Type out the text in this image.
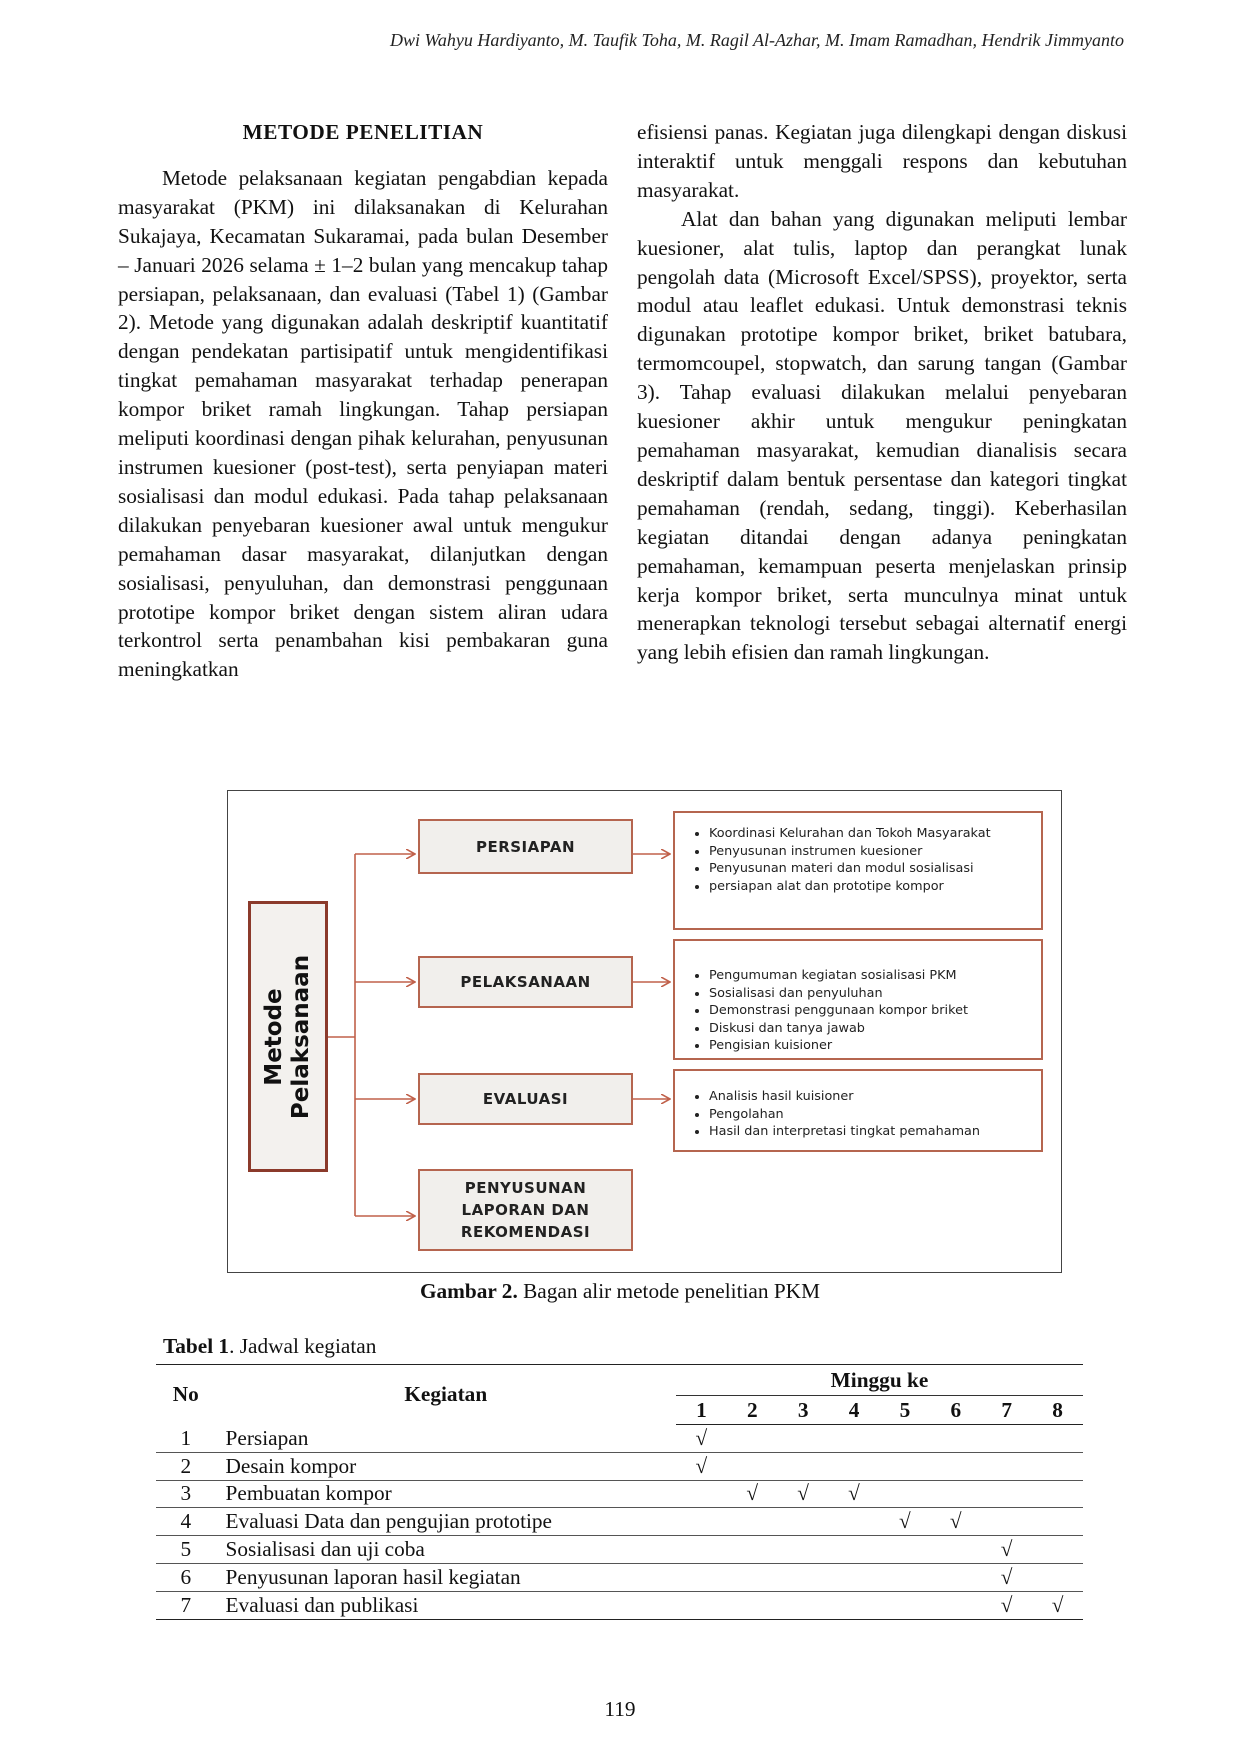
Dwi Wahyu Hardiyanto, M. Taufik Toha, M. Ragil Al-Azhar, M. Imam Ramadhan, Hendrik Jimmyanto
METODE PENELITIAN

Metode pelaksanaan kegiatan pengabdian kepada masyarakat (PKM) ini dilaksanakan di Kelurahan Sukajaya, Kecamatan Sukaramai, pada bulan Desember – Januari 2026 selama ± 1–2 bulan yang mencakup tahap persiapan, pelaksanaan, dan evaluasi (Tabel 1) (Gambar 2). Metode yang digunakan adalah deskriptif kuantitatif dengan pendekatan partisipatif untuk mengidentifikasi tingkat pemahaman masyarakat terhadap penerapan kompor briket ramah lingkungan. Tahap persiapan meliputi koordinasi dengan pihak kelurahan, penyusunan instrumen kuesioner (post-test), serta penyiapan materi sosialisasi dan modul edukasi. Pada tahap pelaksanaan dilakukan penyebaran kuesioner awal untuk mengukur pemahaman dasar masyarakat, dilanjutkan dengan sosialisasi, penyuluhan, dan demonstrasi penggunaan prototipe kompor briket dengan sistem aliran udara terkontrol serta penambahan kisi pembakaran guna meningkatkan

efisiensi panas. Kegiatan juga dilengkapi dengan diskusi interaktif untuk menggali respons dan kebutuhan masyarakat.

Alat dan bahan yang digunakan meliputi lembar kuesioner, alat tulis, laptop dan perangkat lunak pengolah data (Microsoft Excel/SPSS), proyektor, serta modul atau leaflet edukasi. Untuk demonstrasi teknis digunakan prototipe kompor briket, briket batubara, termomcoupel, stopwatch, dan sarung tangan (Gambar 3). Tahap evaluasi dilakukan melalui penyebaran kuesioner akhir untuk mengukur peningkatan pemahaman masyarakat, kemudian dianalisis secara deskriptif dalam bentuk persentase dan kategori tingkat pemahaman (rendah, sedang, tinggi). Keberhasilan kegiatan ditandai dengan adanya peningkatan pemahaman, kemampuan peserta menjelaskan prinsip kerja kompor briket, serta munculnya minat untuk menerapkan teknologi tersebut sebagai alternatif energi yang lebih efisien dan ramah lingkungan.

Metode Pelaksanaan
PERSIAPAN
PELAKSANAAN
EVALUASI
PENYUSUNAN LAPORAN DAN REKOMENDASI
• Koordinasi Kelurahan dan Tokoh Masyarakat
• Penyusunan instrumen kuesioner
• Penyusunan materi dan modul sosialisasi
• persiapan alat dan prototipe kompor
• Pengumuman kegiatan sosialisasi PKM
• Sosialisasi dan penyuluhan
• Demonstrasi penggunaan kompor briket
• Diskusi dan tanya jawab
• Pengisian kuisioner
• Analisis hasil kuisioner
• Pengolahan
• Hasil dan interpretasi tingkat pemahaman
Gambar 2. Bagan alir metode penelitian PKM
Tabel 1. Jadwal kegiatan
No	Kegiatan	Minggu ke							
		1	2	3	4	5	6	7	8
1	Persiapan	√							
2	Desain kompor	√							
3	Pembuatan kompor		√	√	√				
4	Evaluasi Data dan pengujian prototipe					√	√		
5	Sosialisasi dan uji coba							√	
6	Penyusunan laporan hasil kegiatan							√	
7	Evaluasi dan publikasi							√	√
119
